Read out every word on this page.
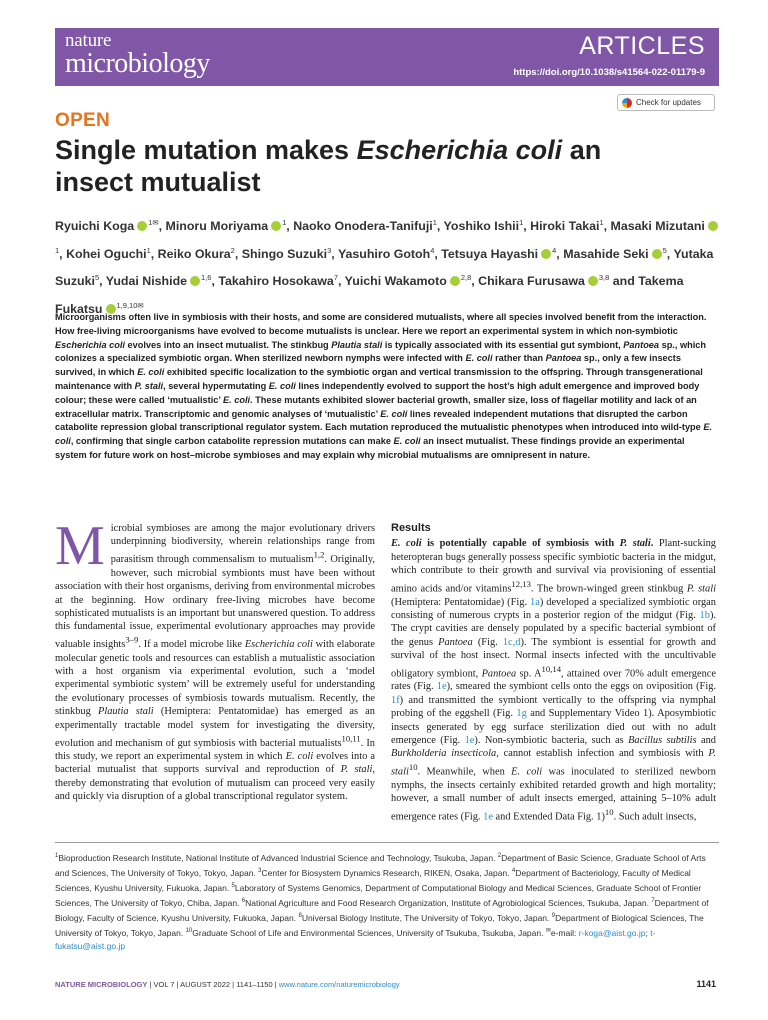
nature
microbiology
ARTICLES
https://doi.org/10.1038/s41564-022-01179-9
Check for updates
OPEN
Single mutation makes Escherichia coli an insect mutualist
Ryuichi Koga $^{1✉}$, Minoru Moriyama $^1$, Naoko Onodera-Tanifuji$^1$, Yoshiko Ishii$^1$, Hiroki Takai$^1$, Masaki Mizutani$^1$, Kohei Oguchi$^1$, Reiko Okura$^2$, Shingo Suzuki$^3$, Yasuhiro Gotoh$^4$, Tetsuya Hayashi $^4$, Masahide Seki $^5$, Yutaka Suzuki$^5$, Yudai Nishide $^{1,6}$, Takahiro Hosokawa$^7$, Yuichi Wakamoto $^{2,8}$, Chikara Furusawa $^{3,8}$ and Takema Fukatsu $^{1,9,10✉}$

Microorganisms often live in symbiosis with their hosts, and some are considered mutualists, where all species involved benefit from the interaction. How free-living microorganisms have evolved to become mutualists is unclear. Here we report an experimental system in which non-symbiotic Escherichia coli evolves into an insect mutualist. The stinkbug Plautia stali is typically associated with its essential gut symbiont, Pantoea sp., which colonizes a specialized symbiotic organ. When sterilized newborn nymphs were infected with E. coli rather than Pantoea sp., only a few insects survived, in which E. coli exhibited specific localization to the symbiotic organ and vertical transmission to the offspring. Through transgenerational maintenance with P. stali, several hypermutating E. coli lines independently evolved to support the host’s high adult emergence and improved body colour; these were called ‘mutualistic’ E. coli. These mutants exhibited slower bacterial growth, smaller size, loss of flagellar motility and lack of an extracellular matrix. Transcriptomic and genomic analyses of ‘mutualistic’ E. coli lines revealed independent mutations that disrupted the carbon catabolite repression global transcriptional regulator system. Each mutation reproduced the mutualistic phenotypes when introduced into wild-type E. coli, confirming that single carbon catabolite repression mutations can make E. coli an insect mutualist. These findings provide an experimental system for future work on host–microbe symbioses and may explain why microbial mutualisms are omnipresent in nature.

Microbial symbioses are among the major evolutionary drivers underpinning biodiversity, wherein relationships range from parasitism through commensalism to mutualism$^{1,2}$. Originally, however, such microbial symbionts must have been without association with their host organisms, deriving from environmental microbes at the beginning. How ordinary free-living microbes have become sophisticated mutualists is an important but unanswered question. To address this fundamental issue, experimental evolutionary approaches may provide valuable insights$^{3-9}$. If a model microbe like Escherichia coli with elaborate molecular genetic tools and resources can establish a mutualistic association with a host organism via experimental evolution, such a ‘model experimental symbiotic system’ will be extremely useful for understanding the evolutionary processes of symbiosis towards mutualism. Recently, the stinkbug Plautia stali (Hemiptera: Pentatomidae) has emerged as an experimentally tractable model system for investigating the diversity, evolution and mechanism of gut symbiosis with bacterial mutualists$^{10,11}$. In this study, we report an experimental system in which E. coli evolves into a bacterial mutualist that supports survival and reproduction of P. stali, thereby demonstrating that evolution of mutualism can proceed very easily and quickly via disruption of a global transcriptional regulator system.
Results
E. coli is potentially capable of symbiosis with P. stali. Plant-sucking heteropteran bugs generally possess specific symbiotic bacteria in the midgut, which contribute to their growth and survival via provisioning of essential amino acids and/or vitamins$^{12,13}$. The brown-winged green stinkbug P. stali (Hemiptera: Pentatomidae) (Fig. 1a) developed a specialized symbiotic organ consisting of numerous crypts in a posterior region of the midgut (Fig. 1b). The crypt cavities are densely populated by a specific bacterial symbiont of the genus Pantoea (Fig. 1c,d). The symbiont is essential for growth and survival of the host insect. Normal insects infected with the uncultivable obligatory symbiont, Pantoea sp. A$^{10,14}$, attained over 70% adult emergence rates (Fig. 1e), smeared the symbiont cells onto the eggs on oviposition (Fig. 1f) and transmitted the symbiont vertically to the offspring via nymphal probing of the eggshell (Fig. 1g and Supplementary Video 1). Aposymbiotic insects generated by egg surface sterilization died out with no adult emergence (Fig. 1e). Non-symbiotic bacteria, such as Bacillus subtilis and Burkholderia insecticola, cannot establish infection and symbiosis with P. stali$^{10}$. Meanwhile, when E. coli was inoculated to sterilized newborn nymphs, the insects certainly exhibited retarded growth and high mortality; however, a small number of adult insects emerged, attaining 5–10% adult emergence rates (Fig. 1e and Extended Data Fig. 1)$^{10}$. Such adult insects,

$^1$Bioproduction Research Institute, National Institute of Advanced Industrial Science and Technology, Tsukuba, Japan. $^2$Department of Basic Science, Graduate School of Arts and Sciences, The University of Tokyo, Tokyo, Japan. $^3$Center for Biosystem Dynamics Research, RIKEN, Osaka, Japan. $^4$Department of Bacteriology, Faculty of Medical Sciences, Kyushu University, Fukuoka, Japan. $^5$Laboratory of Systems Genomics, Department of Computational Biology and Medical Sciences, Graduate School of Frontier Sciences, The University of Tokyo, Chiba, Japan. $^6$National Agriculture and Food Research Organization, Institute of Agrobiological Sciences, Tsukuba, Japan. $^7$Department of Biology, Faculty of Science, Kyushu University, Fukuoka, Japan. $^8$Universal Biology Institute, The University of Tokyo, Tokyo, Japan. $^9$Department of Biological Sciences, The University of Tokyo, Tokyo, Japan. $^{10}$Graduate School of Life and Environmental Sciences, University of Tsukuba, Tsukuba, Japan. ✉e-mail: r-koga@aist.go.jp; t-fukatsu@aist.go.jp

NATURE MICROBIOLOGY | VOL 7 | AUGUST 2022 | 1141–1150 | www.nature.com/naturemicrobiology	1141
